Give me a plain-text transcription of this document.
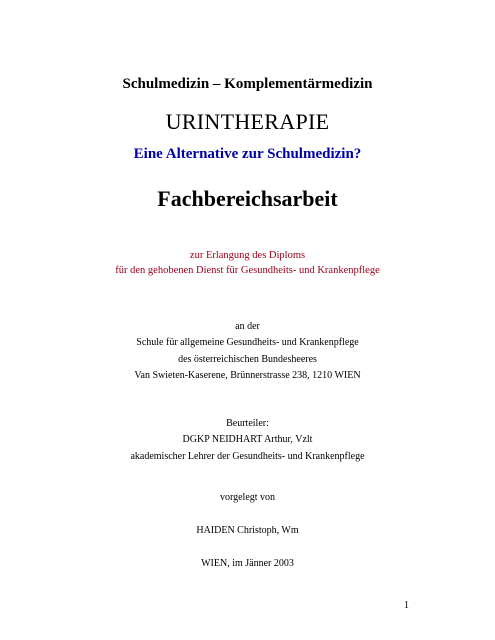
Schulmedizin – Komplementärmedizin
URINTHERAPIE
Eine Alternative zur Schulmedizin?
Fachbereichsarbeit
zur Erlangung des Diploms
für den gehobenen Dienst für Gesundheits- und Krankenpflege
an der
Schule für allgemeine Gesundheits- und Krankenpflege
des österreichischen Bundesheeres
Van Swieten-Kaserene, Brünnerstrasse 238, 1210 WIEN
Beurteiler:
DGKP NEIDHART Arthur, Vzlt
akademischer Lehrer der Gesundheits- und Krankenpflege
vorgelegt von
HAIDEN Christoph, Wm
WIEN, im Jänner 2003
1
